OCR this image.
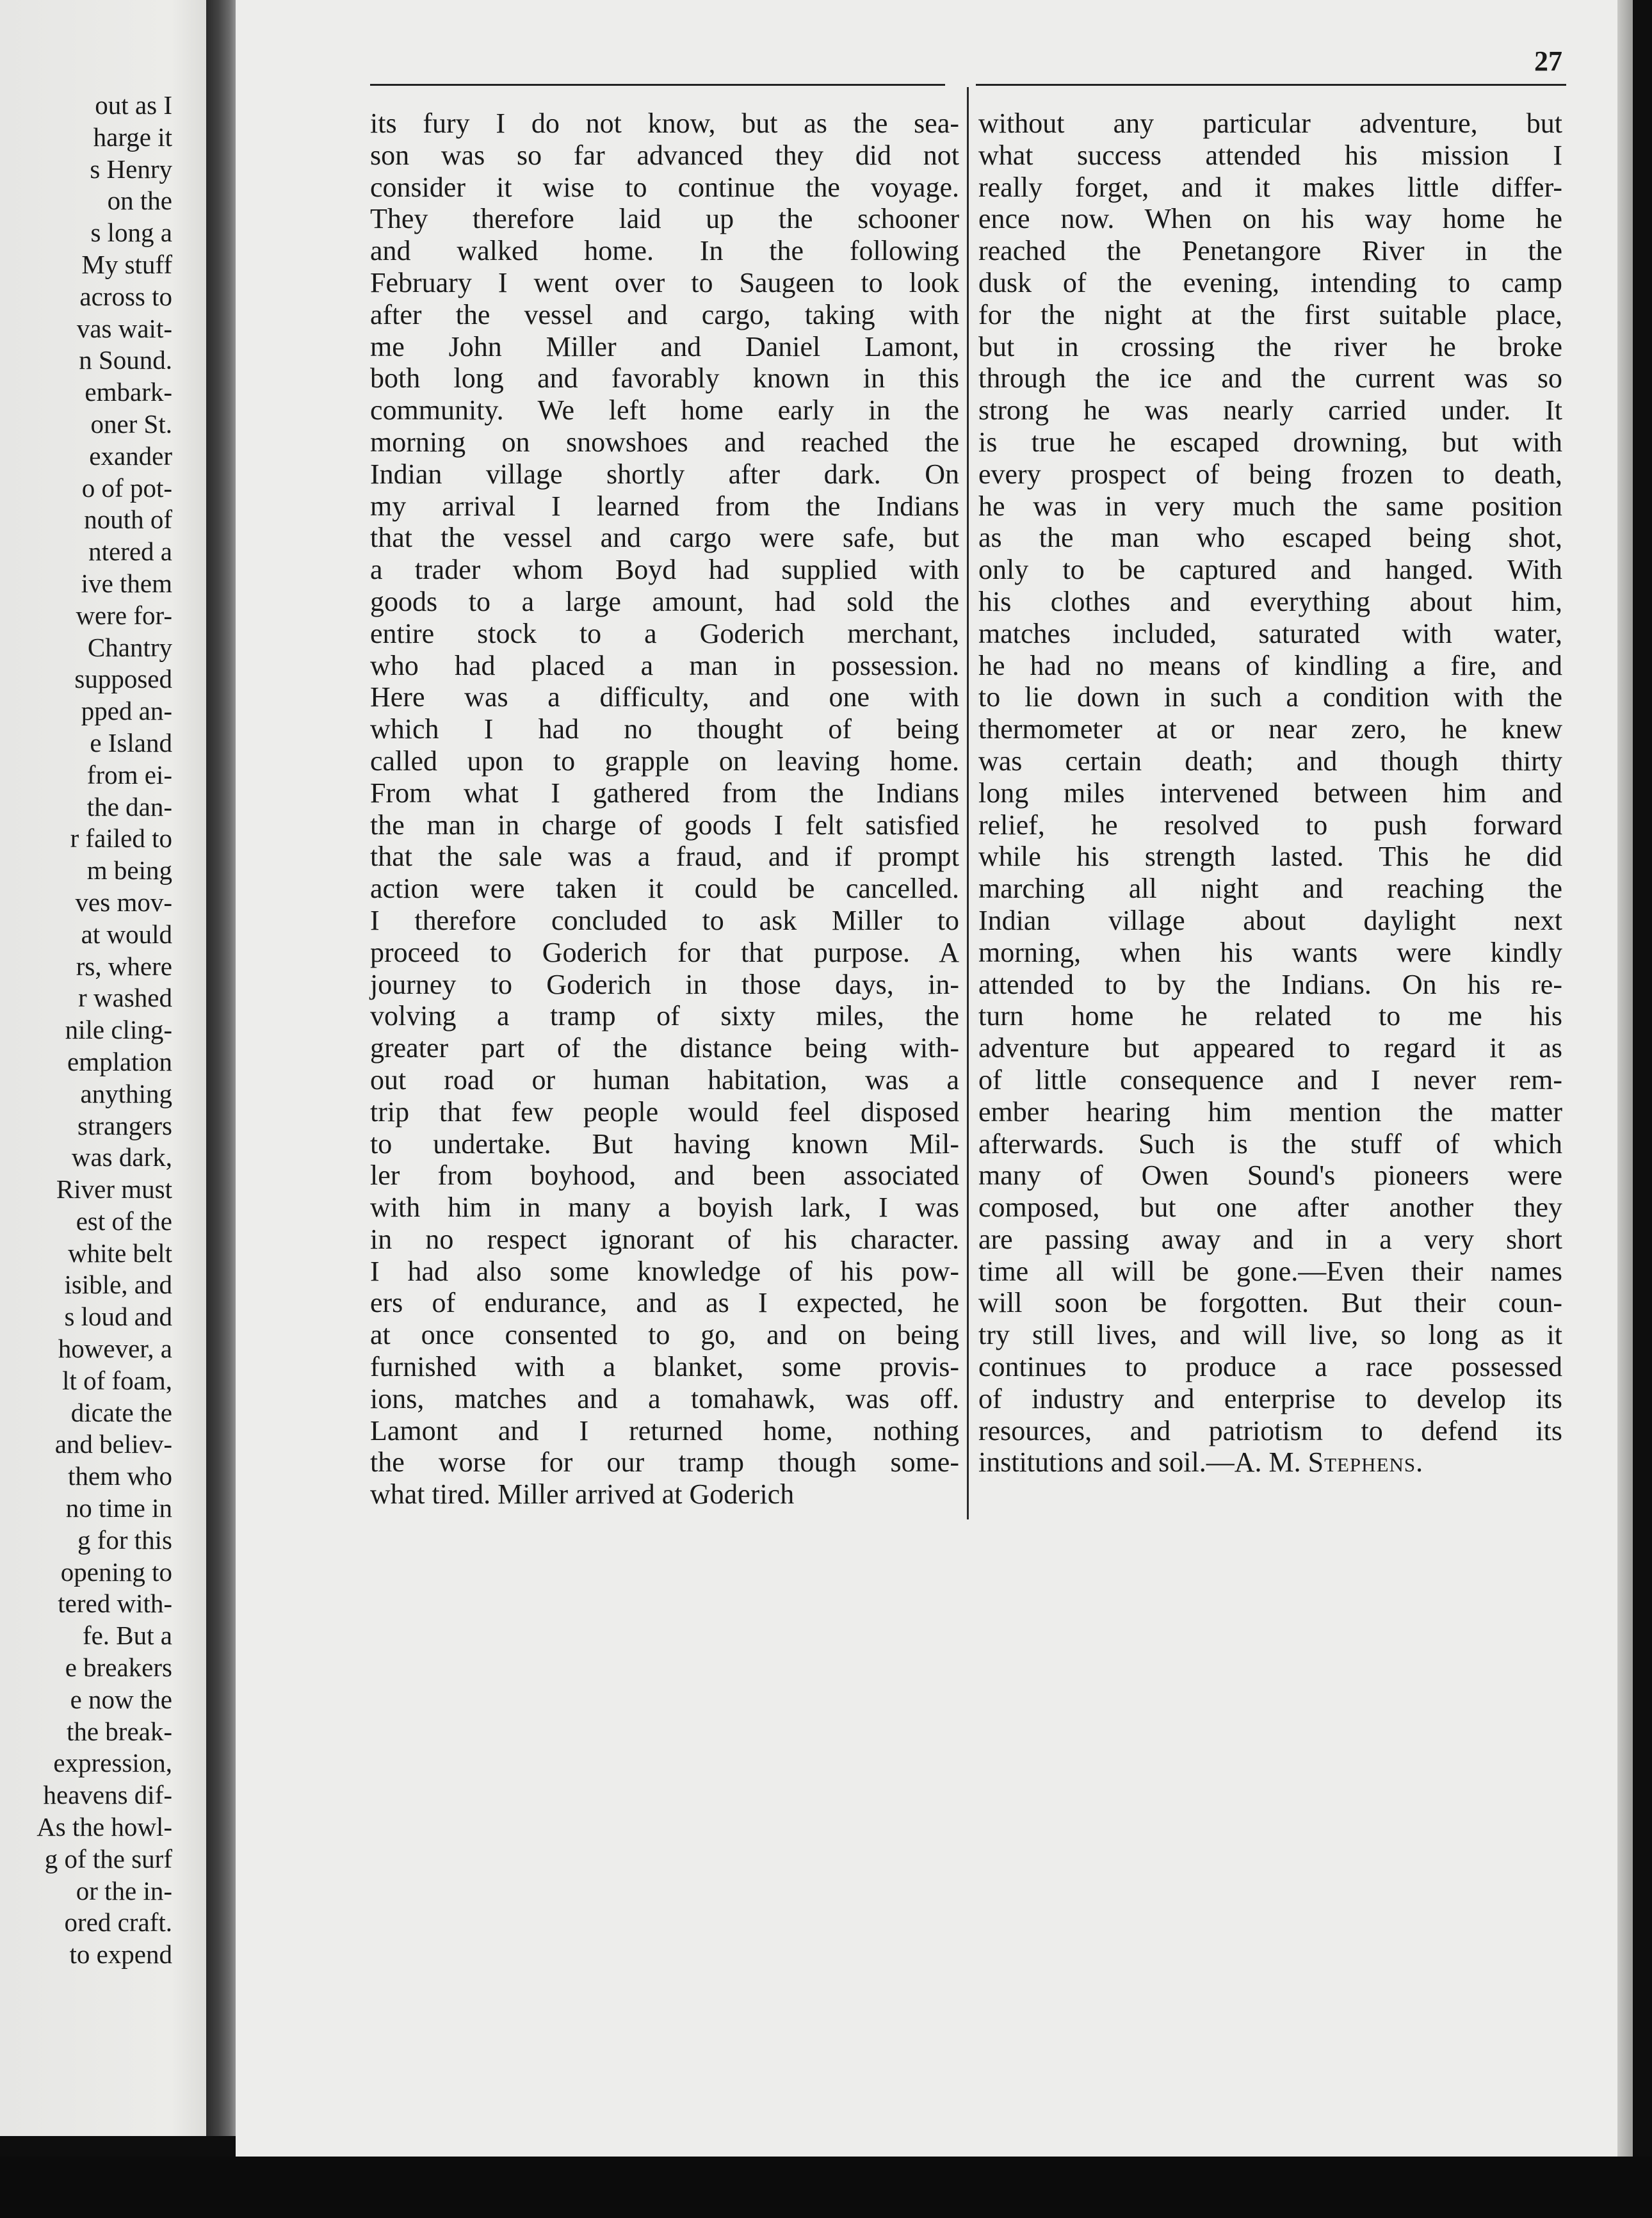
out as I
harge it
s Henry
on the
s long a
My stuff
across to
vas wait-
n Sound.
embark-
oner St.
exander
o of pot-
nouth of
ntered a
ive them
were for-
Chantry
supposed
pped an-
e Island
from ei-
the dan-
r failed to
m being
ves mov-
at would
rs, where
r washed
nile cling-
emplation
anything
strangers
was dark,
River must
est of the
white belt
isible, and
s loud and
however, a
lt of foam,
dicate the
and believ-
them who
no time in
g for this
opening to
tered with-
fe. But a
e breakers
e now the
the break-
expression,
heavens dif-
As the howl-
g of the surf
or the in-
ored craft.
to expend
27
its fury I do not know, but as the sea-
son was so far advanced they did not
consider it wise to continue the voyage.
They therefore laid up the schooner
and walked home. In the following
February I went over to Saugeen to look
after the vessel and cargo, taking with
me John Miller and Daniel Lamont,
both long and favorably known in this
community. We left home early in the
morning on snowshoes and reached the
Indian village shortly after dark. On
my arrival I learned from the Indians
that the vessel and cargo were safe, but
a trader whom Boyd had supplied with
goods to a large amount, had sold the
entire stock to a Goderich merchant,
who had placed a man in possession.
Here was a difficulty, and one with
which I had no thought of being
called upon to grapple on leaving home.
From what I gathered from the Indians
the man in charge of goods I felt satisfied
that the sale was a fraud, and if prompt
action were taken it could be cancelled.
I therefore concluded to ask Miller to
proceed to Goderich for that purpose. A
journey to Goderich in those days, in-
volving a tramp of sixty miles, the
greater part of the distance being with-
out road or human habitation, was a
trip that few people would feel disposed
to undertake. But having known Mil-
ler from boyhood, and been associated
with him in many a boyish lark, I was
in no respect ignorant of his character.
I had also some knowledge of his pow-
ers of endurance, and as I expected, he
at once consented to go, and on being
furnished with a blanket, some provis-
ions, matches and a tomahawk, was off.
Lamont and I returned home, nothing
the worse for our tramp though some-
what tired. Miller arrived at Goderich
without any particular adventure, but
what success attended his mission I
really forget, and it makes little differ-
ence now. When on his way home he
reached the Penetangore River in the
dusk of the evening, intending to camp
for the night at the first suitable place,
but in crossing the river he broke
through the ice and the current was so
strong he was nearly carried under. It
is true he escaped drowning, but with
every prospect of being frozen to death,
he was in very much the same position
as the man who escaped being shot,
only to be captured and hanged. With
his clothes and everything about him,
matches included, saturated with water,
he had no means of kindling a fire, and
to lie down in such a condition with the
thermometer at or near zero, he knew
was certain death; and though thirty
long miles intervened between him and
relief, he resolved to push forward
while his strength lasted. This he did
marching all night and reaching the
Indian village about daylight next
morning, when his wants were kindly
attended to by the Indians. On his re-
turn home he related to me his
adventure but appeared to regard it as
of little consequence and I never rem-
ember hearing him mention the matter
afterwards. Such is the stuff of which
many of Owen Sound's pioneers were
composed, but one after another they
are passing away and in a very short
time all will be gone.—Even their names
will soon be forgotten. But their coun-
try still lives, and will live, so long as it
continues to produce a race possessed
of industry and enterprise to develop its
resources, and patriotism to defend its
institutions and soil.—A. M. Stephens.
